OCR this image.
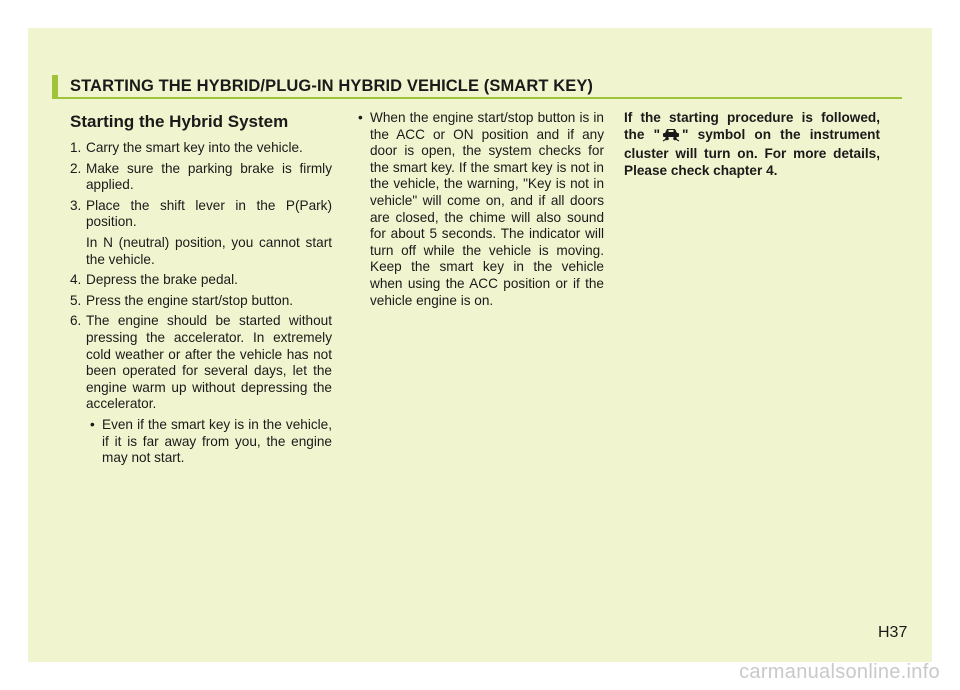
STARTING THE HYBRID/PLUG-IN HYBRID VEHICLE (SMART KEY)
Starting the Hybrid System
1. Carry the smart key into the vehicle.
2. Make sure the parking brake is firmly applied.
3. Place the shift lever in the P(Park) position.
In N (neutral) position, you cannot start the vehicle.
4. Depress the brake pedal.
5. Press the engine start/stop button.
6. The engine should be started without pressing the accelerator. In extremely cold weather or after the vehicle has not been operated for several days, let the engine warm up without depressing the accelerator.
• Even if the smart key is in the vehicle, if it is far away from you, the engine may not start.
• When the engine start/stop button is in the ACC or ON position and if any door is open, the system checks for the smart key. If the smart key is not in the vehicle, the warning, "Key is not in vehicle" will come on, and if all doors are closed, the chime will also sound for about 5 seconds. The indicator will turn off while the vehicle is moving. Keep the smart key in the vehicle when using the ACC position or if the vehicle engine is on.
If the starting procedure is followed, the " " symbol on the instrument cluster will turn on. For more details, Please check chapter 4.
H37
carmanualsonline.info
